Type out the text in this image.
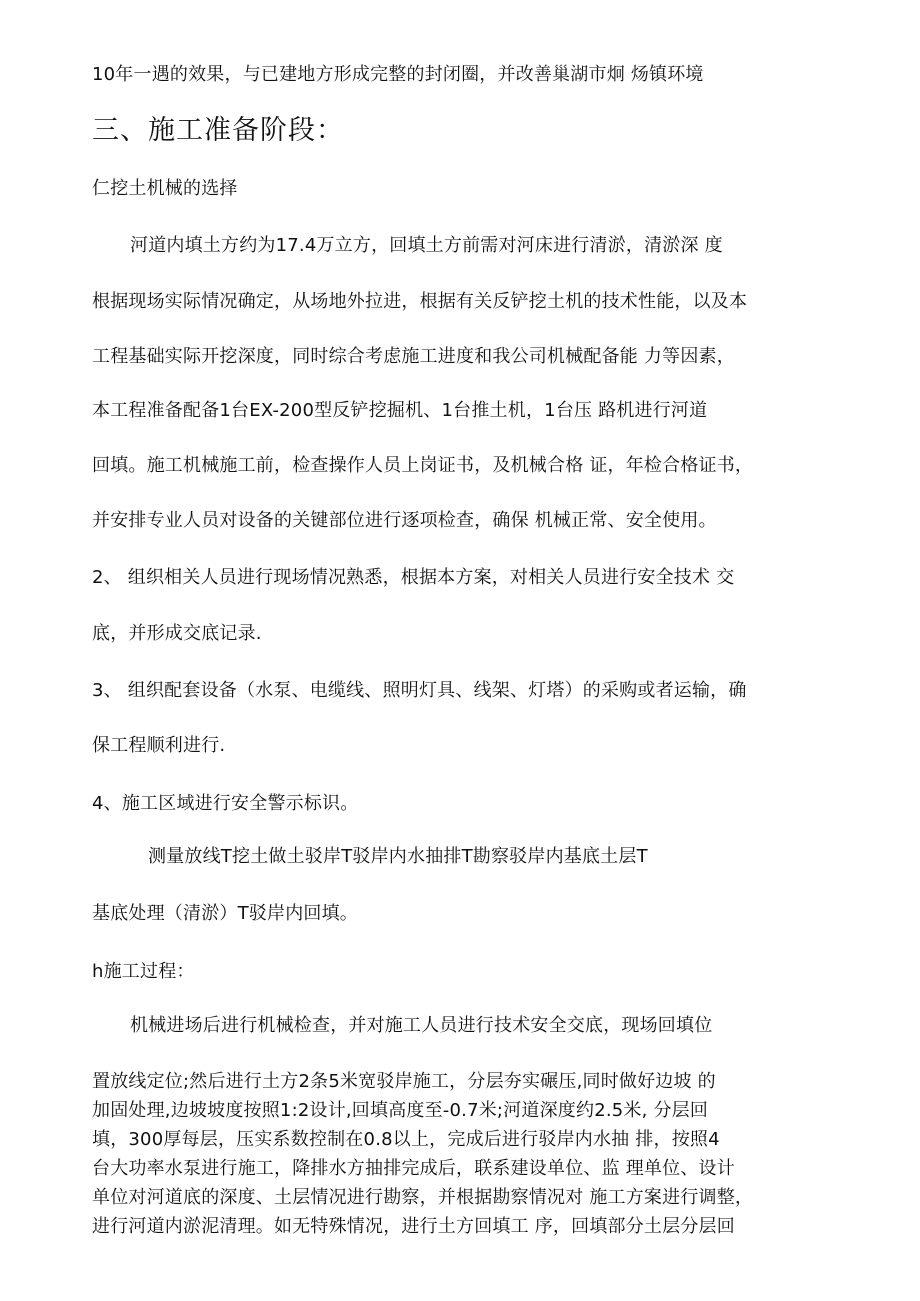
10年一遇的效果，与已建地方形成完整的封闭圈，并改善巢湖市炯 炀镇环境
三、施工准备阶段：
仁挖土机械的选择
河道内填土方约为17.4万立方，回填土方前需对河床进行清淤，清淤深 度
根据现场实际情况确定，从场地外拉进，根据有关反铲挖土机的技术性能，以及本
工程基础实际开挖深度，同时综合考虑施工进度和我公司机械配备能 力等因素，
本工程准备配备1台EX-200型反铲挖掘机、1台推土机，1台压 路机进行河道
回填。施工机械施工前，检查操作人员上岗证书，及机械合格 证，年检合格证书，
并安排专业人员对设备的关键部位进行逐项检查，确保 机械正常、安全使用。
2、 组织相关人员进行现场情况熟悉，根据本方案，对相关人员进行安全技术 交
底，并形成交底记录.
3、 组织配套设备（水泵、电缆线、照明灯具、线架、灯塔）的采购或者运输，确
保工程顺利进行.
4、施工区域进行安全警示标识。
测量放线T挖土做土驳岸T驳岸内水抽排T勘察驳岸内基底土层T
基底处理（清淤）T驳岸内回填。
h施工过程：
机械进场后进行机械检查，并对施工人员进行技术安全交底，现场回填位
置放线定位;然后进行土方2条5米宽驳岸施工，分层夯实碾压,同时做好边坡 的
加固处理,边坡坡度按照1:2设计,回填高度至-0.7米;河道深度约2.5米, 分层回
填，300厚每层，压实系数控制在0.8以上，完成后进行驳岸内水抽 排，按照4
台大功率水泵进行施工，降排水方抽排完成后，联系建设单位、监 理单位、设计
单位对河道底的深度、土层情况进行勘察，并根据勘察情况对 施工方案进行调整，
进行河道内淤泥清理。如无特殊情况，进行土方回填工 序，回填部分土层分层回
